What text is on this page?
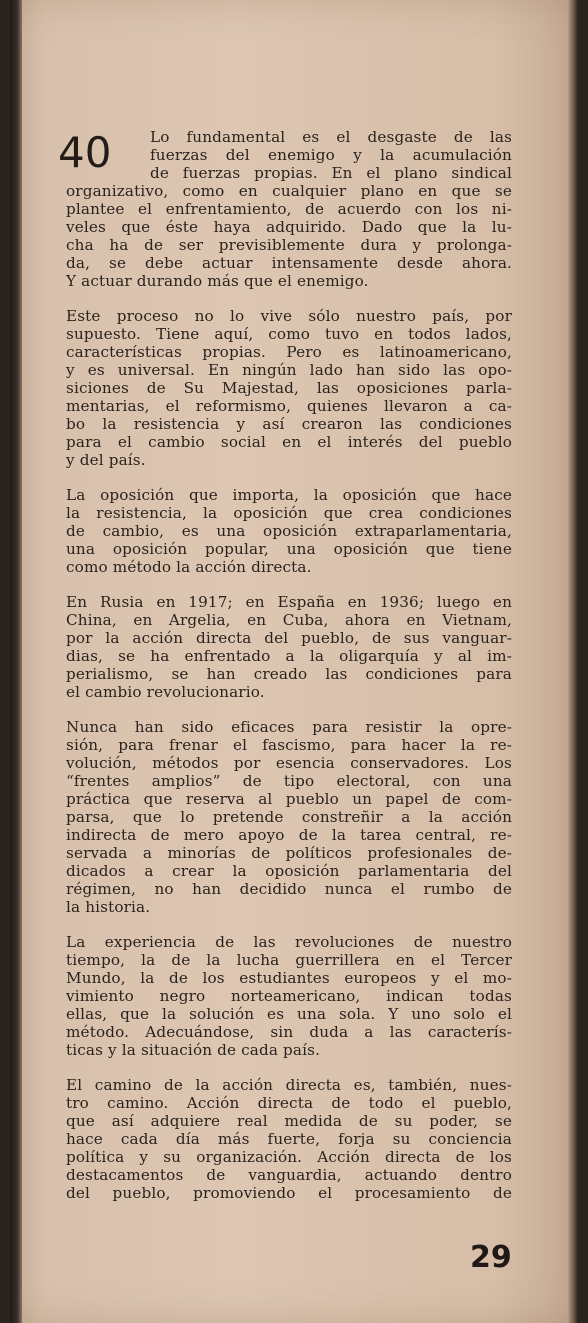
40	Lo fundamental es el desgaste de las
fuerzas del enemigo y la acumulación
de fuerzas propias. En el plano sindical
organizativo, como en cualquier plano en que se
plantee el enfrentamiento, de acuerdo con los ni-
veles que éste haya adquirido. Dado que la lu-
cha ha de ser previsiblemente dura y prolonga-
da, se debe actuar intensamente desde ahora.
Y actuar durando más que el enemigo.
Este proceso no lo vive sólo nuestro país, por
supuesto. Tiene aquí, como tuvo en todos lados,
características propias. Pero es latinoamericano,
y es universal. En ningún lado han sido las opo-
siciones de Su Majestad, las oposiciones parla-
mentarias, el reformismo, quienes llevaron a ca-
bo la resistencia y así crearon las condiciones
para el cambio social en el interés del pueblo
y del país.
La oposición que importa, la oposición que hace
la resistencia, la oposición que crea condiciones
de cambio, es una oposición extraparlamentaria,
una oposición popular, una oposición que tiene
como método la acción directa.
En Rusia en 1917; en España en 1936; luego en
China, en Argelia, en Cuba, ahora en Vietnam,
por la acción directa del pueblo, de sus vanguar-
dias, se ha enfrentado a la oligarquía y al im-
perialismo, se han creado las condiciones para
el cambio revolucionario.
Nunca han sido eficaces para resistir la opre-
sión, para frenar el fascismo, para hacer la re-
volución, métodos por esencia conservadores. Los
“frentes amplios” de tipo electoral, con una
práctica que reserva al pueblo un papel de com-
parsa, que lo pretende constreñir a la acción
indirecta de mero apoyo de la tarea central, re-
servada a minorías de políticos profesionales de-
dicados a crear la oposición parlamentaria del
régimen, no han decidido nunca el rumbo de
la historia.
La experiencia de las revoluciones de nuestro
tiempo, la de la lucha guerrillera en el Tercer
Mundo, la de los estudiantes europeos y el mo-
vimiento negro norteamericano, indican todas
ellas, que la solución es una sola. Y uno solo el
método. Adecuándose, sin duda a las caracterís-
ticas y la situación de cada país.
El camino de la acción directa es, también, nues-
tro camino. Acción directa de todo el pueblo,
que así adquiere real medida de su poder, se
hace cada día más fuerte, forja su conciencia
política y su organización. Acción directa de los
destacamentos de vanguardia, actuando dentro
del pueblo, promoviendo el procesamiento de
29
